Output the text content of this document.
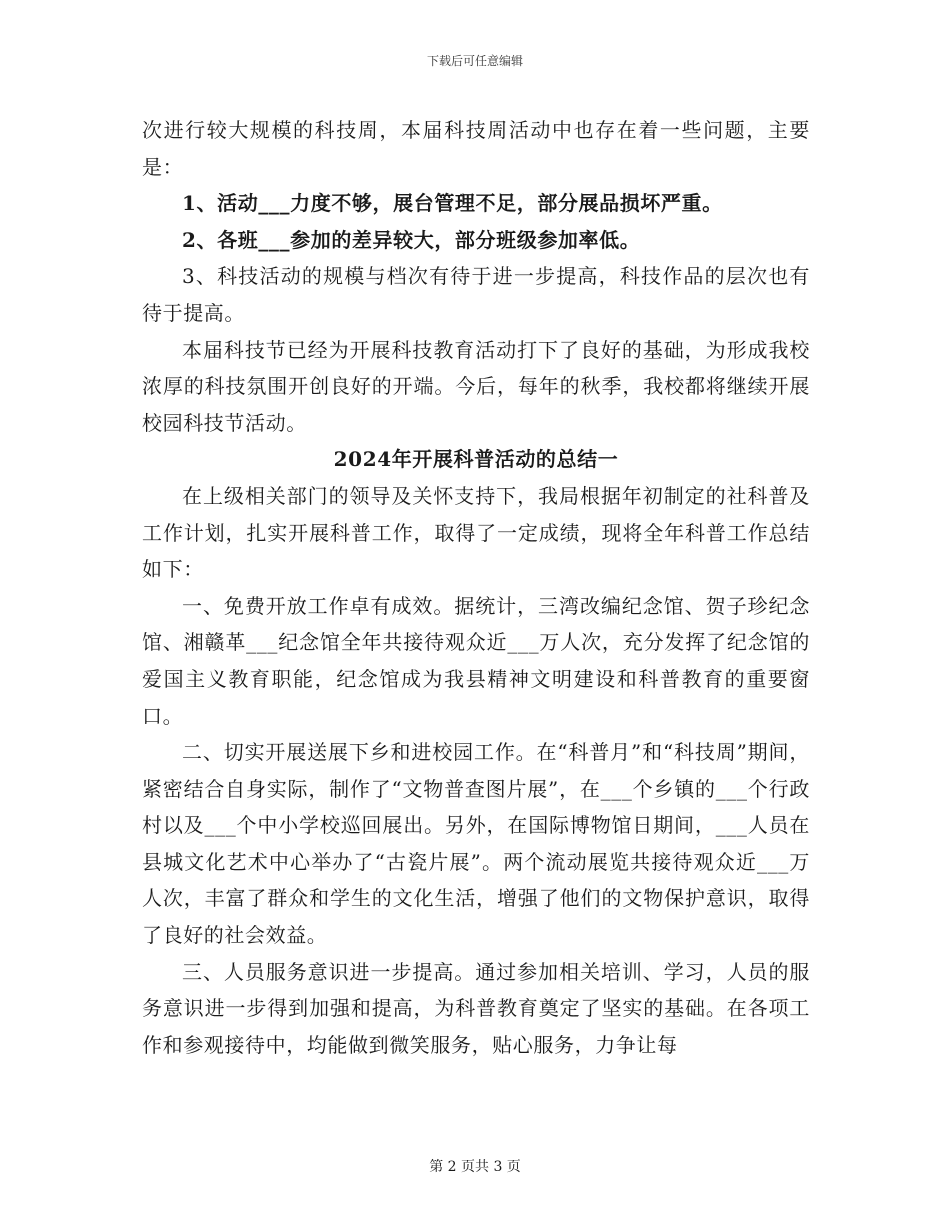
下载后可任意编辑

次进行较大规模的科技周，本届科技周活动中也存在着一些问题，主要是：

1、活动___力度不够，展台管理不足，部分展品损坏严重。

2、各班___参加的差异较大，部分班级参加率低。

3、科技活动的规模与档次有待于进一步提高，科技作品的层次也有待于提高。

本届科技节已经为开展科技教育活动打下了良好的基础，为形成我校浓厚的科技氛围开创良好的开端。今后，每年的秋季，我校都将继续开展校园科技节活动。

2024年开展科普活动的总结一

在上级相关部门的领导及关怀支持下，我局根据年初制定的社科普及工作计划，扎实开展科普工作，取得了一定成绩，现将全年科普工作总结如下：

一、免费开放工作卓有成效。据统计，三湾改编纪念馆、贺子珍纪念馆、湘赣革___纪念馆全年共接待观众近___万人次，充分发挥了纪念馆的爱国主义教育职能，纪念馆成为我县精神文明建设和科普教育的重要窗口。

二、切实开展送展下乡和进校园工作。在“科普月”和“科技周”期间，紧密结合自身实际，制作了“文物普查图片展”，在___个乡镇的___个行政村以及___个中小学校巡回展出。另外，在国际博物馆日期间，___人员在县城文化艺术中心举办了“古瓷片展”。两个流动展览共接待观众近___万人次，丰富了群众和学生的文化生活，增强了他们的文物保护意识，取得了良好的社会效益。

三、人员服务意识进一步提高。通过参加相关培训、学习，人员的服务意识进一步得到加强和提高，为科普教育奠定了坚实的基础。在各项工作和参观接待中，均能做到微笑服务，贴心服务，力争让每

第 2 页共 3 页
